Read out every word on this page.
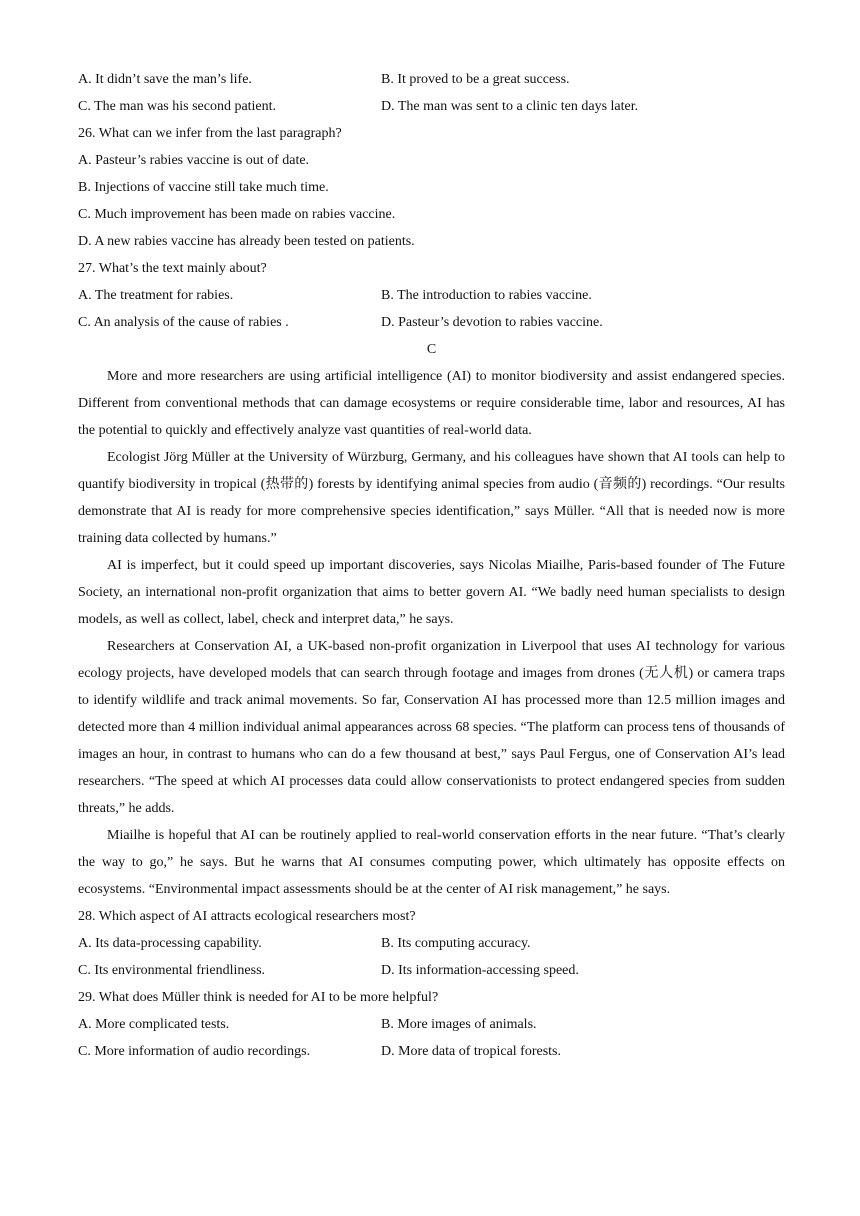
A. It didn’t save the man’s life.	B. It proved to be a great success.
C. The man was his second patient.	D. The man was sent to a clinic ten days later.
26. What can we infer from the last paragraph?
A. Pasteur’s rabies vaccine is out of date.
B. Injections of vaccine still take much time.
C. Much improvement has been made on rabies vaccine.
D. A new rabies vaccine has already been tested on patients.
27. What’s the text mainly about?
A. The treatment for rabies.	B. The introduction to rabies vaccine.
C. An analysis of the cause of rabies .	D. Pasteur’s devotion to rabies vaccine.
C

More and more researchers are using artificial intelligence (AI) to monitor biodiversity and assist endangered species. Different from conventional methods that can damage ecosystems or require considerable time, labor and resources, AI has the potential to quickly and effectively analyze vast quantities of real-world data.

Ecologist Jörg Müller at the University of Würzburg, Germany, and his colleagues have shown that AI tools can help to quantify biodiversity in tropical (热带的) forests by identifying animal species from audio (音频的) recordings. “Our results demonstrate that AI is ready for more comprehensive species identification,” says Müller. “All that is needed now is more training data collected by humans.”

AI is imperfect, but it could speed up important discoveries, says Nicolas Miailhe, Paris-based founder of The Future Society, an international non-profit organization that aims to better govern AI. “We badly need human specialists to design models, as well as collect, label, check and interpret data,” he says.

Researchers at Conservation AI, a UK-based non-profit organization in Liverpool that uses AI technology for various ecology projects, have developed models that can search through footage and images from drones (无人机) or camera traps to identify wildlife and track animal movements. So far, Conservation AI has processed more than 12.5 million images and detected more than 4 million individual animal appearances across 68 species. “The platform can process tens of thousands of images an hour, in contrast to humans who can do a few thousand at best,” says Paul Fergus, one of Conservation AI’s lead researchers. “The speed at which AI processes data could allow conservationists to protect endangered species from sudden threats,” he adds.

Miailhe is hopeful that AI can be routinely applied to real-world conservation efforts in the near future. “That’s clearly the way to go,” he says. But he warns that AI consumes computing power, which ultimately has opposite effects on ecosystems. “Environmental impact assessments should be at the center of AI risk management,” he says.

28. Which aspect of AI attracts ecological researchers most?
A. Its data-processing capability.	B. Its computing accuracy.
C. Its environmental friendliness.	D. Its information-accessing speed.
29. What does Müller think is needed for AI to be more helpful?
A. More complicated tests.	B. More images of animals.
C. More information of audio recordings.	D. More data of tropical forests.
